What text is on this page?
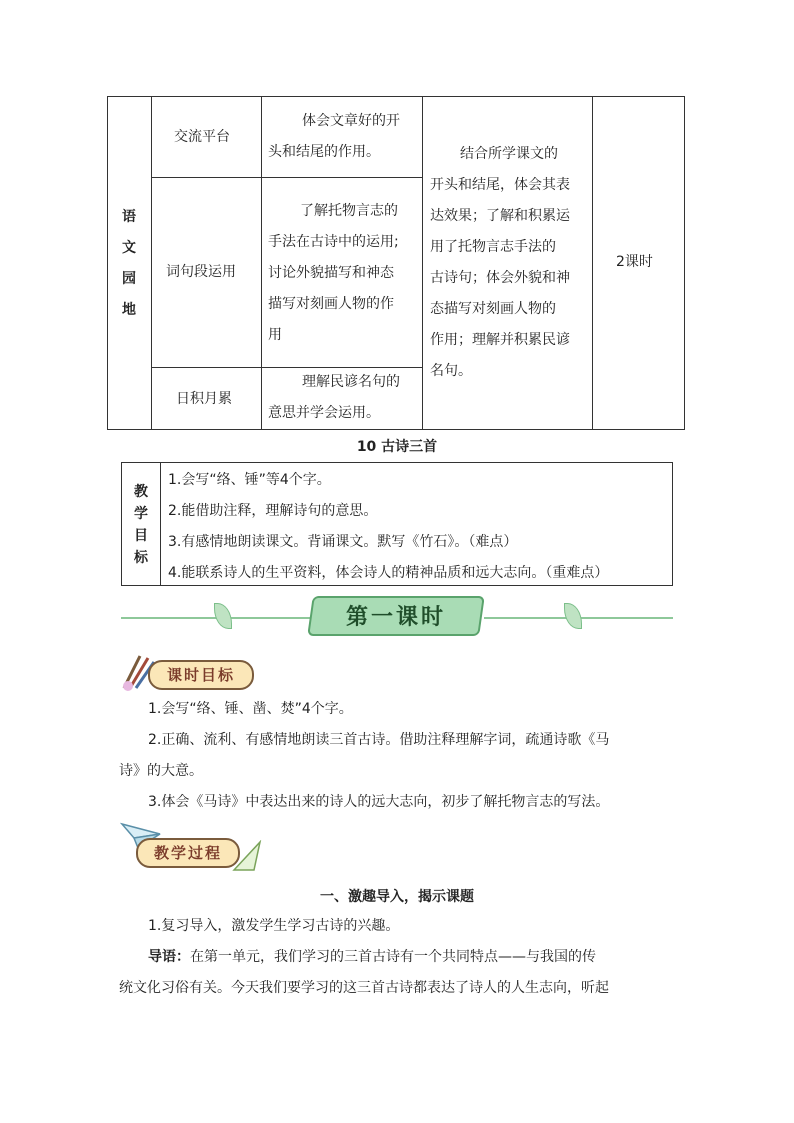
语
文
园
地
交流平台
体会文章好的开
头和结尾的作用。
词句段运用
了解托物言志的
手法在古诗中的运用;
讨论外貌描写和神态
描写对刻画人物的作
用
日积月累
理解民谚名句的
意思并学会运用。
结合所学课文的
开头和结尾，体会其表
达效果；了解和积累运
用了托物言志手法的
古诗句；体会外貌和神
态描写对刻画人物的
作用；理解并积累民谚
名句。
2课时
10 古诗三首
教
学
目
标
1.会写“络、锤”等4个字。
2.能借助注释，理解诗句的意思。
3.有感情地朗读课文。背诵课文。默写《竹石》。（难点）
4.能联系诗人的生平资料，体会诗人的精神品质和远大志向。（重难点）
第一课时
课时目标
1.会写“络、锤、凿、焚”4个字。
2.正确、流利、有感情地朗读三首古诗。借助注释理解字词，疏通诗歌《马
诗》的大意。
3.体会《马诗》中表达出来的诗人的远大志向，初步了解托物言志的写法。
教学过程
一、激趣导入，揭示课题
1.复习导入，激发学生学习古诗的兴趣。
导语：在第一单元，我们学习的三首古诗有一个共同特点——与我国的传
统文化习俗有关。今天我们要学习的这三首古诗都表达了诗人的人生志向，听起
